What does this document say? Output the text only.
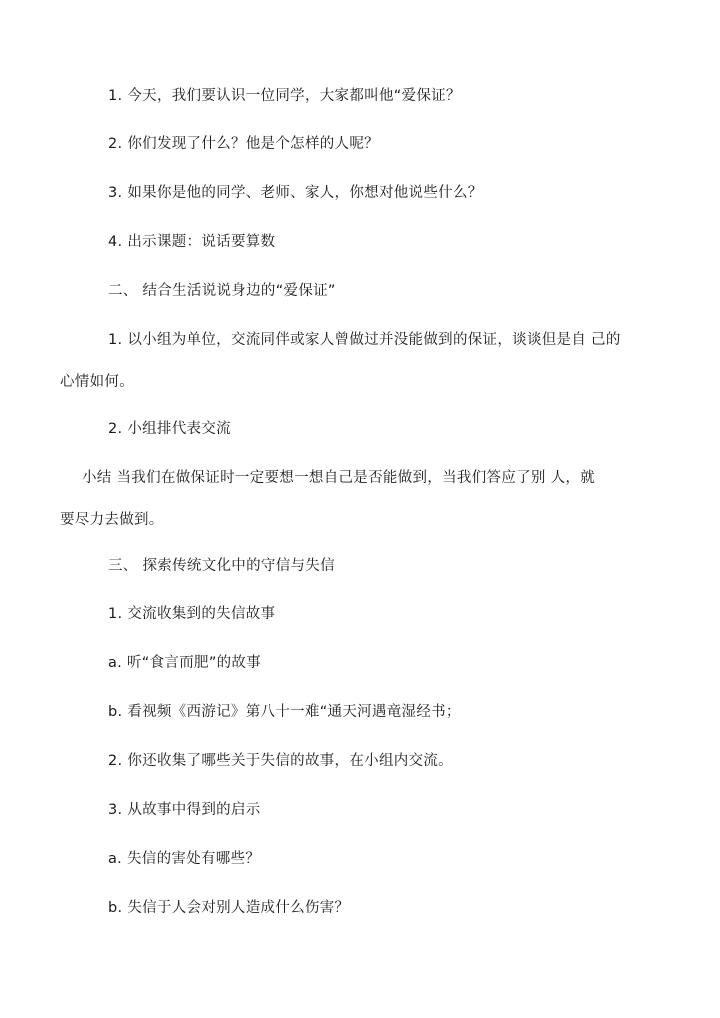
1. 今天，我们要认识一位同学，大家都叫他“爱保证？
2. 你们发现了什么？他是个怎样的人呢？
3. 如果你是他的同学、老师、家人，你想对他说些什么？
4. 出示课题：说话要算数
二、 结合生活说说身边的“爱保证”
1. 以小组为单位，交流同伴或家人曾做过并没能做到的保证，谈谈但是自 己的
心情如何。
2. 小组排代表交流
小结 当我们在做保证时一定要想一想自己是否能做到，当我们答应了别 人，就
要尽力去做到。
三、 探索传统文化中的守信与失信
1. 交流收集到的失信故事
a. 听“食言而肥”的故事
b. 看视频《西游记》第八十一难“通天河遇竜湿经书；
2. 你还收集了哪些关于失信的故事，在小组内交流。
3. 从故事中得到的启示
a. 失信的害处有哪些？
b. 失信于人会对别人造成什么伤害？
